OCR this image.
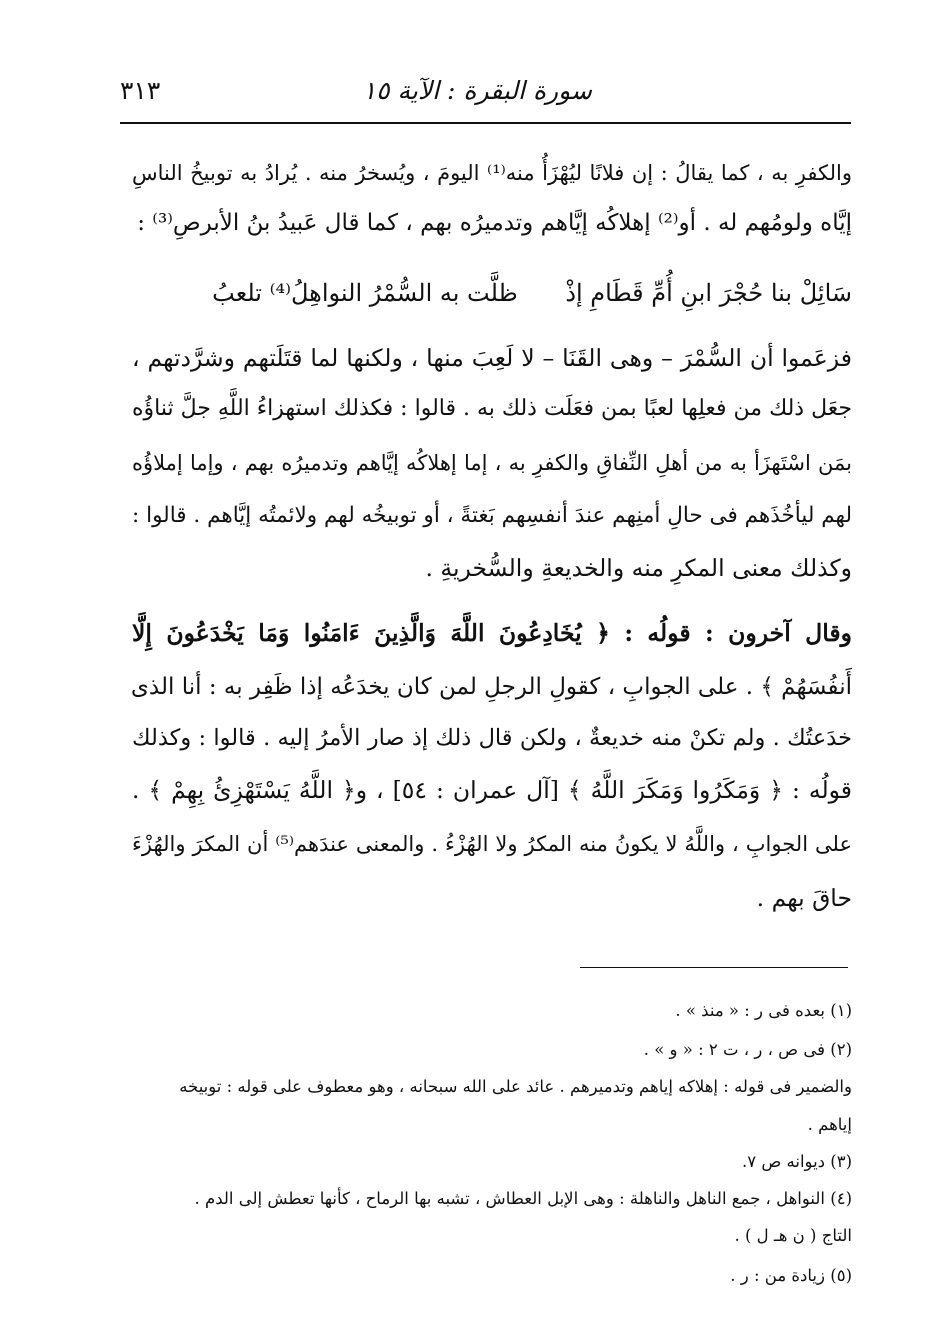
٣١٣	سورة البقرة : الآية ١٥
والكفرِ به ، كما يقالُ : إن فلانًا ليُهْزَأُ منه⁽¹⁾ اليومَ ، ويُسخرُ منه . يُرادُ به توبيخُ الناسِ
إيَّاه ولومُهم له . أو⁽²⁾ إهلاكُه إيَّاهم وتدميرُه بهم ، كما قال عَبيدُ بنُ الأبرصِ⁽³⁾ :
سَائِلْ بنا حُجْرَ ابنِ أُمِّ قَطَامِ إذْ ظلَّت به السُّمْرُ النواهِلُ⁽⁴⁾ تلعبُ
فزعَموا أن السُّمْرَ – وهى القَنَا – لا لَعِبَ منها ، ولكنها لما قتَلَتهم وشرَّدتهم ،
جعَل ذلك من فعلِها لعبًا بمن فعَلَت ذلك به . قالوا : فكذلك استهزاءُ اللَّهِ جلَّ ثناؤُه
بمَن اسْتَهزَأ به من أهلِ النِّفاقِ والكفرِ به ، إما إهلاكُه إيَّاهم وتدميرُه بهم ، وإما إملاؤُه
لهم ليأخُذَهم فى حالِ أمنِهم عندَ أنفسِهم بَغتةً ، أو توبيخُه لهم ولائمتُه إيَّاهم . قالوا :
وكذلك معنى المكرِ منه والخديعةِ والسُّخريةِ .
وقال آخرون : قولُه : ﴿ يُخَادِعُونَ اللَّهَ وَالَّذِينَ ءَامَنُوا وَمَا يَخْدَعُونَ إِلَّا
أَنفُسَهُمْ ﴾ . على الجوابِ ، كقولِ الرجلِ لمن كان يخدَعُه إذا ظَفِر به : أنا الذى
خدَعتُك . ولم تكنْ منه خديعةٌ ، ولكن قال ذلك إذ صار الأمرُ إليه . قالوا : وكذلك
قولُه : ﴿ وَمَكَرُوا وَمَكَرَ اللَّهُ ﴾ [آل عمران : ٥٤] ، و﴿ اللَّهُ يَسْتَهْزِئُ بِهِمْ ﴾ .
على الجوابِ ، واللَّهُ لا يكونُ منه المكرُ ولا الهُزْءُ . والمعنى عندَهم⁽⁵⁾ أن المكرَ والهُزْءَ
حاقَ بهم .
(١) بعده فى ر : « منذ » .
(٢) فى ص ، ر ، ت ٢ : « و » .
والضمير فى قوله : إهلاكه إياهم وتدميرهم . عائد على الله سبحانه ، وهو معطوف على قوله : توبيخه
إياهم .
(٣) ديوانه ص ٧.
(٤) النواهل ، جمع الناهل والناهلة : وهى الإبل العطاش ، تشبه بها الرماح ، كأنها تعطش إلى الدم .
التاج ( ن هـ ل ) .
(٥) زيادة من : ر .
